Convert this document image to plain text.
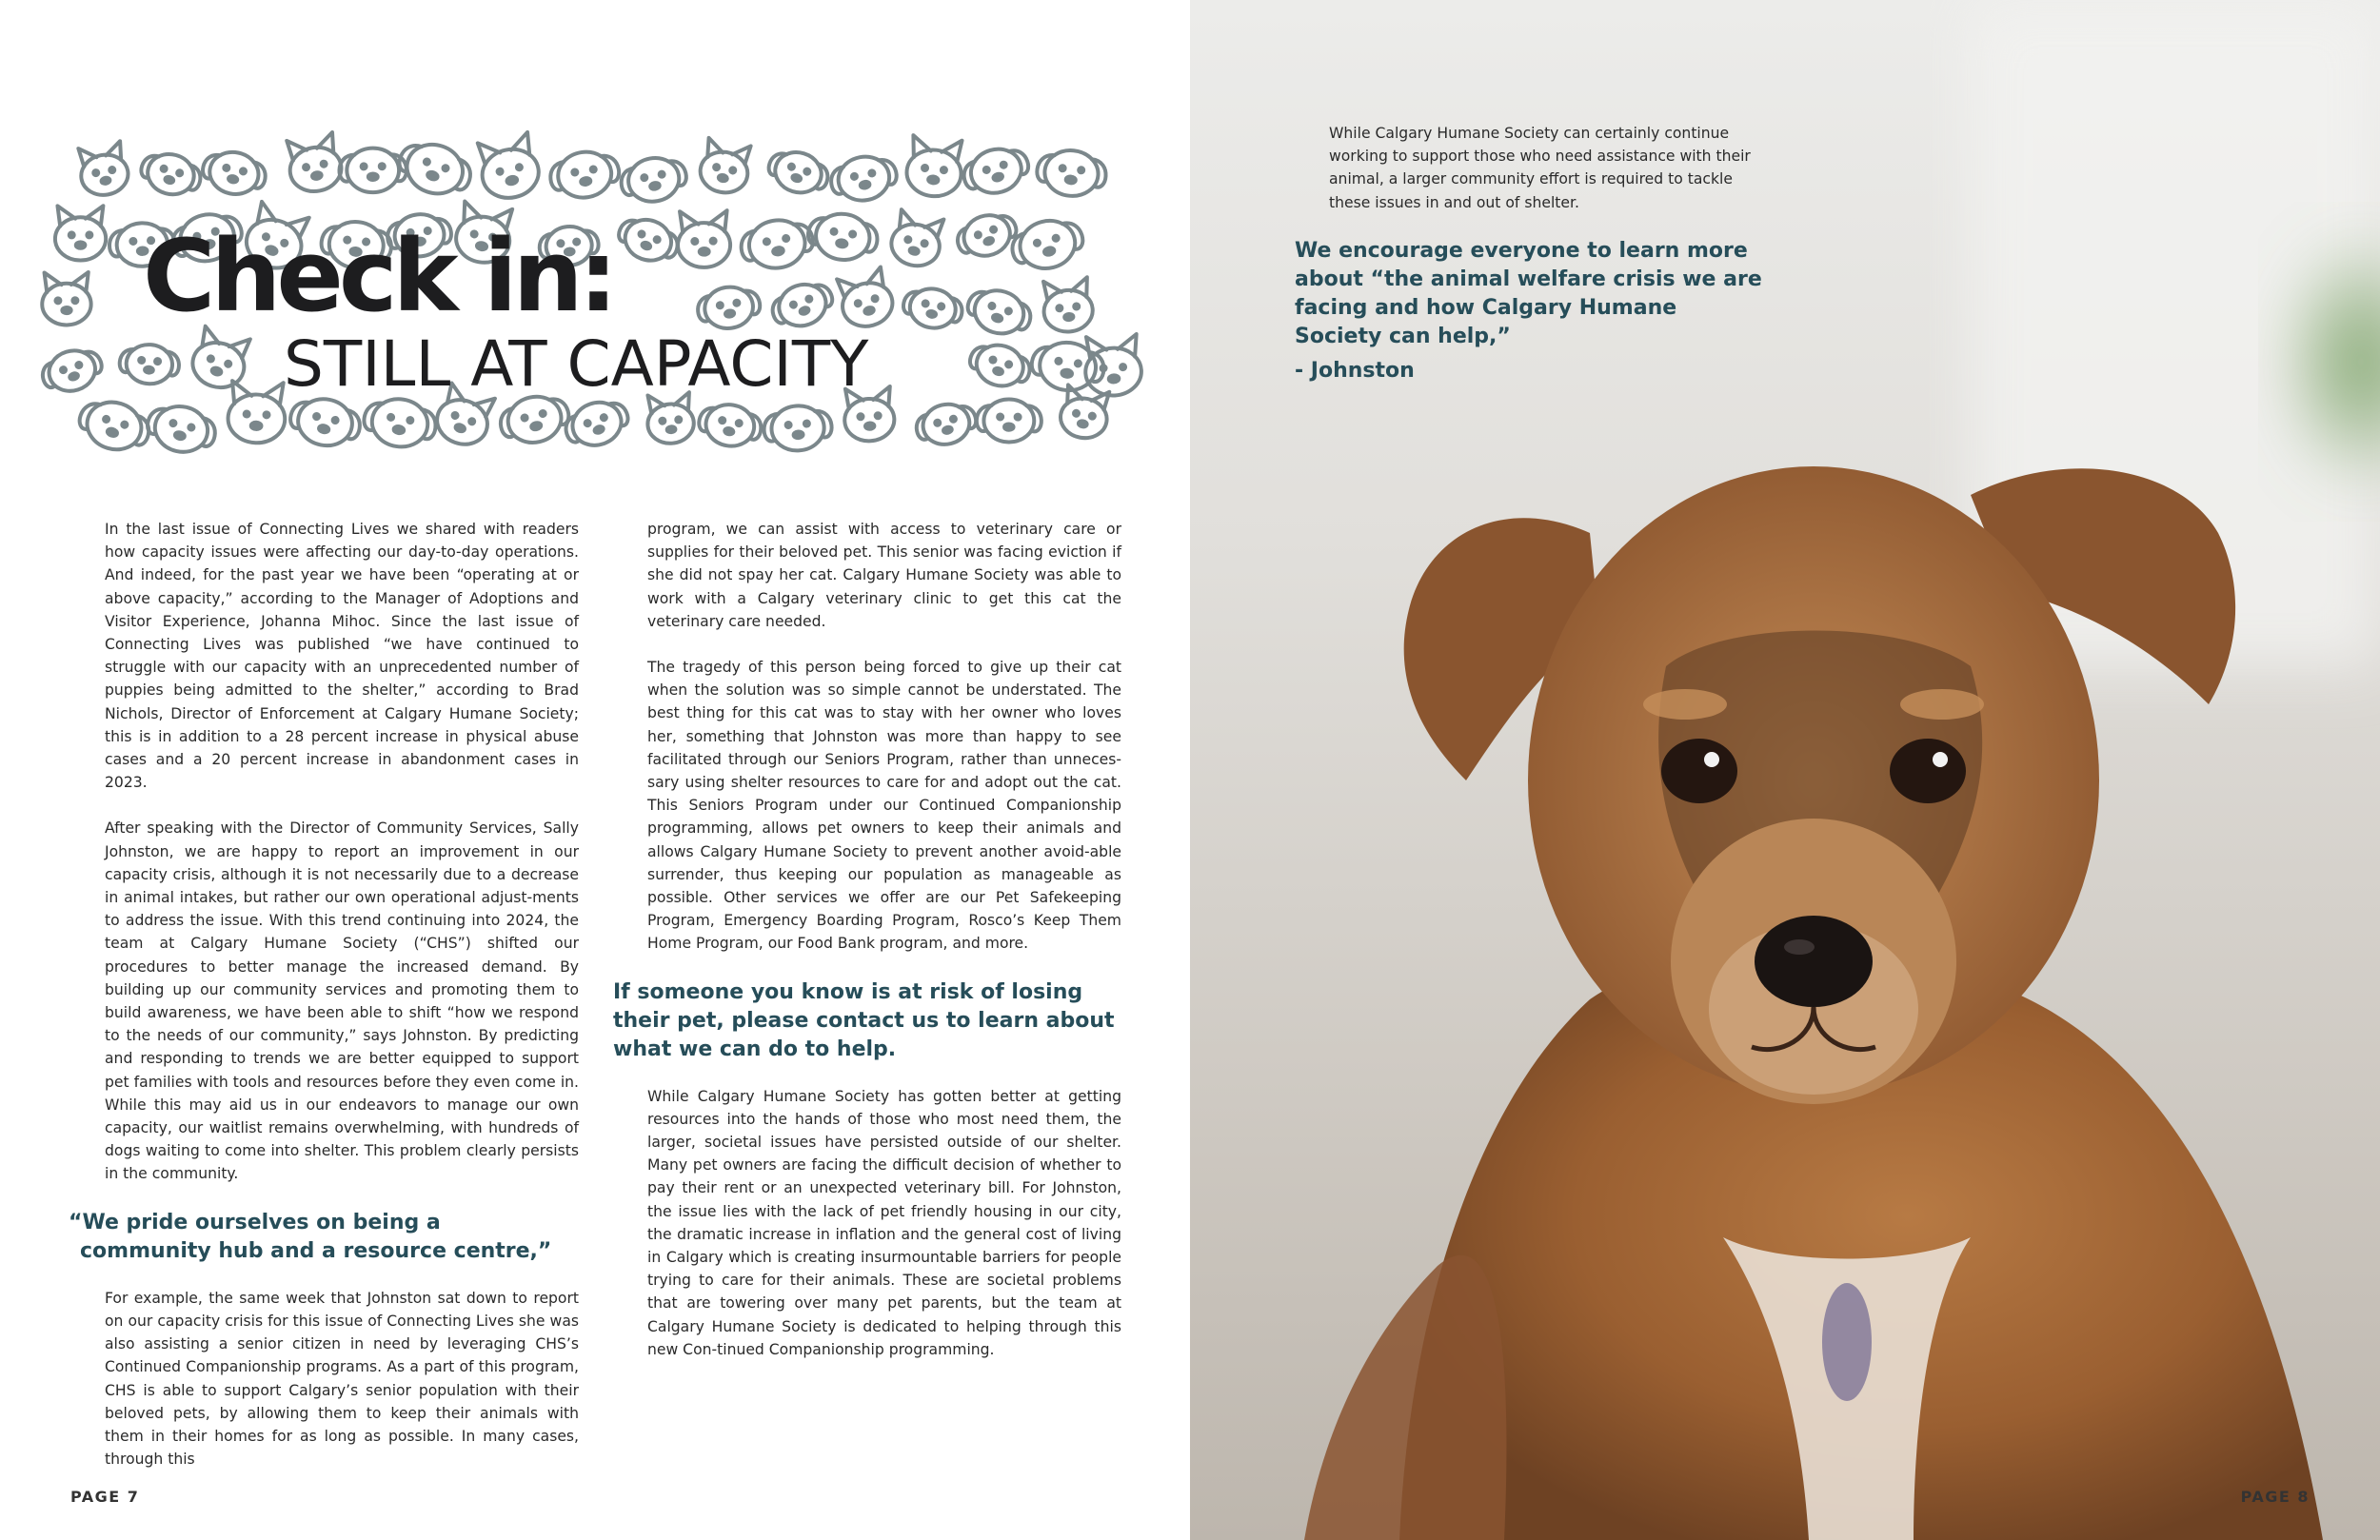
Check in:
STILL AT CAPACITY

In the last issue of Connecting Lives we shared with readers how capacity issues were affecting our day-to-day operations. And indeed, for the past year we have been “operating at or above capacity,” according to the Manager of Adoptions and Visitor Experience, Johanna Mihoc. Since the last issue of Connecting Lives was published “we have continued to struggle with our capacity with an unprecedented number of puppies being admitted to the shelter,” according to Brad Nichols, Director of Enforcement at Calgary Humane Society; this is in addition to a 28 percent increase in physical abuse cases and a 20 percent increase in abandonment cases in 2023.

After speaking with the Director of Community Services, Sally Johnston, we are happy to report an improvement in our capacity crisis, although it is not necessarily due to a decrease in animal intakes, but rather our own operational adjust-ments to address the issue. With this trend continuing into 2024, the team at Calgary Humane Society (“CHS”) shifted our procedures to better manage the increased demand. By building up our community services and promoting them to build awareness, we have been able to shift “how we respond to the needs of our community,” says Johnston. By predicting and responding to trends we are better equipped to support pet families with tools and resources before they even come in. While this may aid us in our endeavors to manage our own capacity, our waitlist remains overwhelming, with hundreds of dogs waiting to come into shelter. This problem clearly persists in the community.

“We pride ourselves on being a
community hub and a resource centre,”

For example, the same week that Johnston sat down to report on our capacity crisis for this issue of Connecting Lives she was also assisting a senior citizen in need by leveraging CHS’s Continued Companionship programs. As a part of this program, CHS is able to support Calgary’s senior population with their beloved pets, by allowing them to keep their animals with them in their homes for as long as possible. In many cases, through this

program, we can assist with access to veterinary care or supplies for their beloved pet. This senior was facing eviction if she did not spay her cat. Calgary Humane Society was able to work with a Calgary veterinary clinic to get this cat the veterinary care needed.

The tragedy of this person being forced to give up their cat when the solution was so simple cannot be understated. The best thing for this cat was to stay with her owner who loves her, something that Johnston was more than happy to see facilitated through our Seniors Program, rather than unneces-sary using shelter resources to care for and adopt out the cat. This Seniors Program under our Continued Companionship programming, allows pet owners to keep their animals and allows Calgary Humane Society to prevent another avoid-able surrender, thus keeping our population as manageable as possible. Other services we offer are our Pet Safekeeping Program, Emergency Boarding Program, Rosco’s Keep Them Home Program, our Food Bank program, and more.

If someone you know is at risk of losing their pet, please contact us to learn about what we can do to help.

While Calgary Humane Society has gotten better at getting resources into the hands of those who most need them, the larger, societal issues have persisted outside of our shelter. Many pet owners are facing the difficult decision of whether to pay their rent or an unexpected veterinary bill. For Johnston, the issue lies with the lack of pet friendly housing in our city, the dramatic increase in inflation and the general cost of living in Calgary which is creating insurmountable barriers for people trying to care for their animals. These are societal problems that are towering over many pet parents, but the team at Calgary Humane Society is dedicated to helping through this new Con-tinued Companionship programming.

PAGE 7

While Calgary Humane Society can certainly continue working to support those who need assistance with their animal, a larger community effort is required to tackle these issues in and out of shelter.

We encourage everyone to learn more about “the animal welfare crisis we are facing and how Calgary Humane Society can help,”
- Johnston
PAGE 8
